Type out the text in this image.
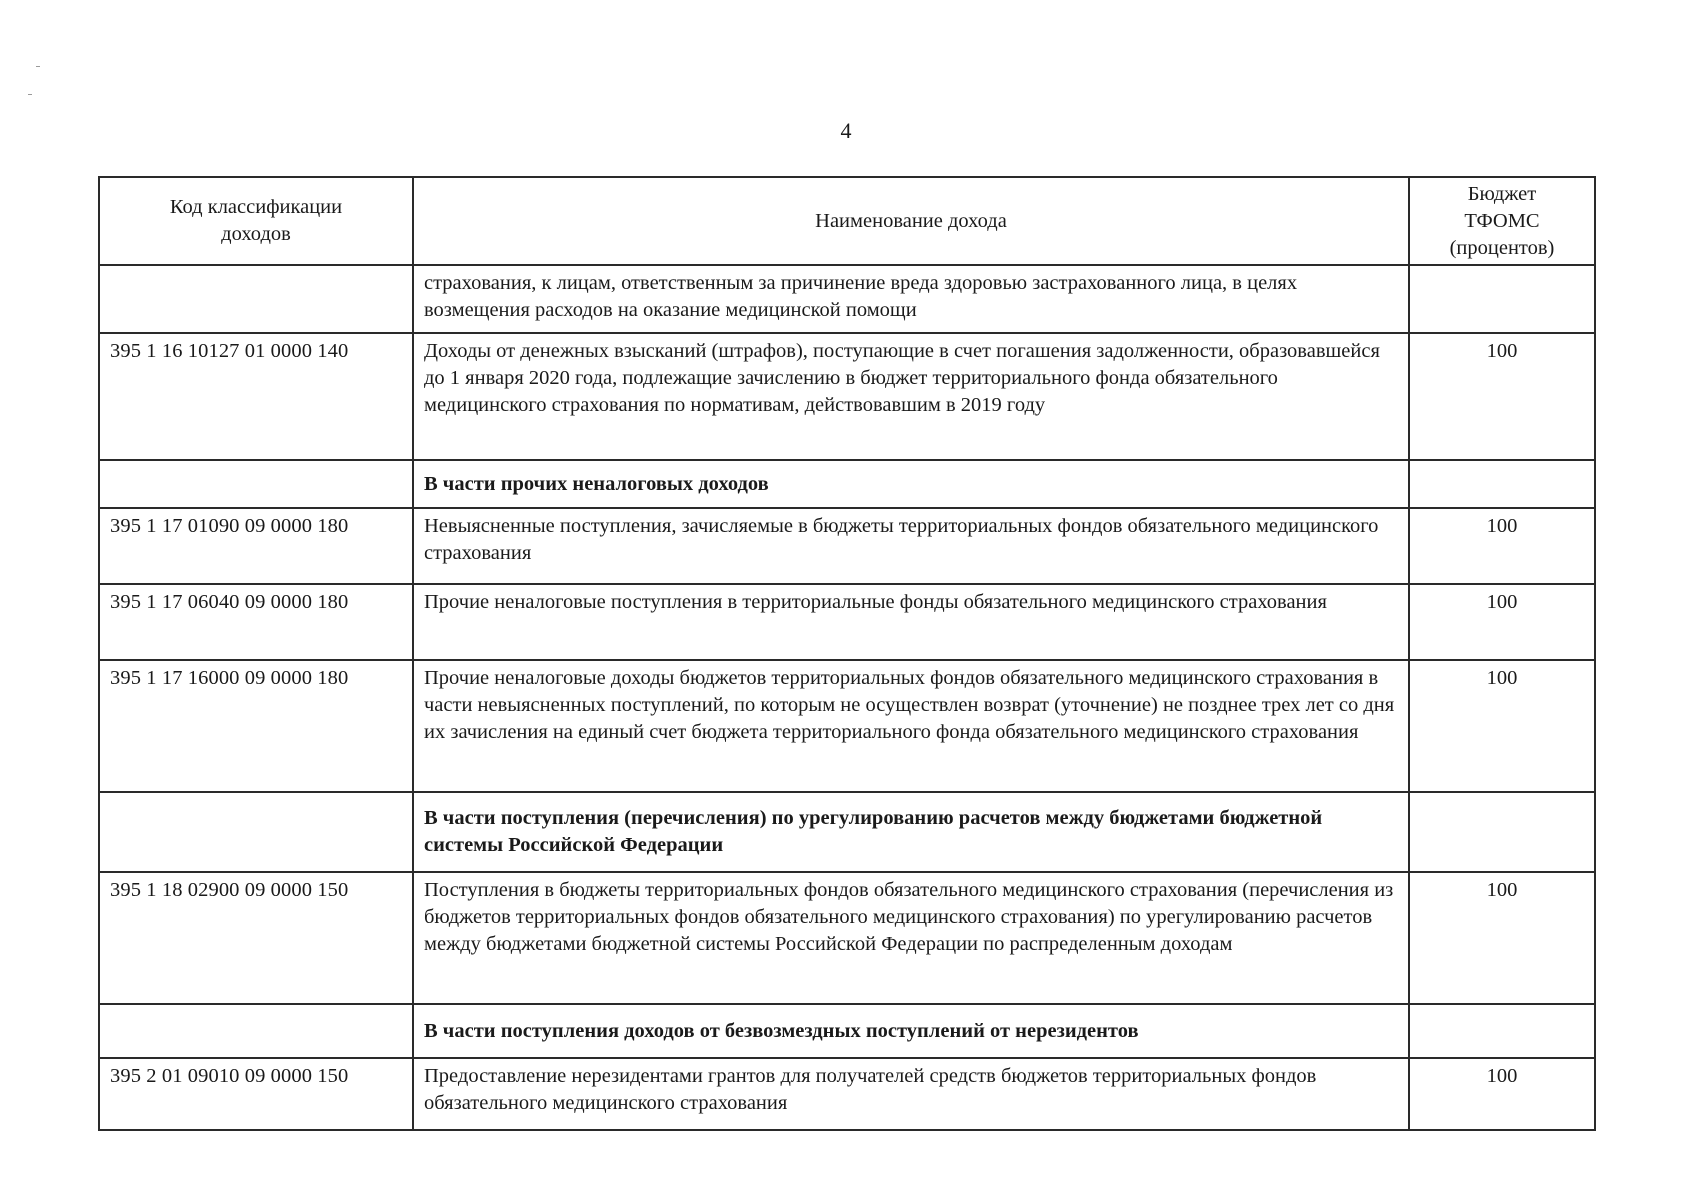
4
Код классификации доходов	Наименование дохода	Бюджет ТФОМС (процентов)
	страхования, к лицам, ответственным за причинение вреда здоровью застрахованного лица, в целях возмещения расходов на оказание медицинской помощи	
395 1 16 10127 01 0000 140	Доходы от денежных взысканий (штрафов), поступающие в счет погашения задолженности, образовавшейся до 1 января 2020 года, подлежащие зачислению в бюджет территориального фонда обязательного медицинского страхования по нормативам, действовавшим в 2019 году	100
	В части прочих неналоговых доходов	
395 1 17 01090 09 0000 180	Невыясненные поступления, зачисляемые в бюджеты территориальных фондов обязательного медицинского страхования	100
395 1 17 06040 09 0000 180	Прочие неналоговые поступления в территориальные фонды обязательного медицинского страхования	100
395 1 17 16000 09 0000 180	Прочие неналоговые доходы бюджетов территориальных фондов обязательного медицинского страхования в части невыясненных поступлений, по которым не осуществлен возврат (уточнение) не позднее трех лет со дня их зачисления на единый счет бюджета территориального фонда обязательного медицинского страхования	100
	В части поступления (перечисления) по урегулированию расчетов между бюджетами бюджетной системы Российской Федерации	
395 1 18 02900 09 0000 150	Поступления в бюджеты территориальных фондов обязательного медицинского страхования (перечисления из бюджетов территориальных фондов обязательного медицинского страхования) по урегулированию расчетов между бюджетами бюджетной системы Российской Федерации по распределенным доходам	100
	В части поступления доходов от безвозмездных поступлений от нерезидентов	
395 2 01 09010 09 0000 150	Предоставление нерезидентами грантов для получателей средств бюджетов территориальных фондов обязательного медицинского страхования	100
